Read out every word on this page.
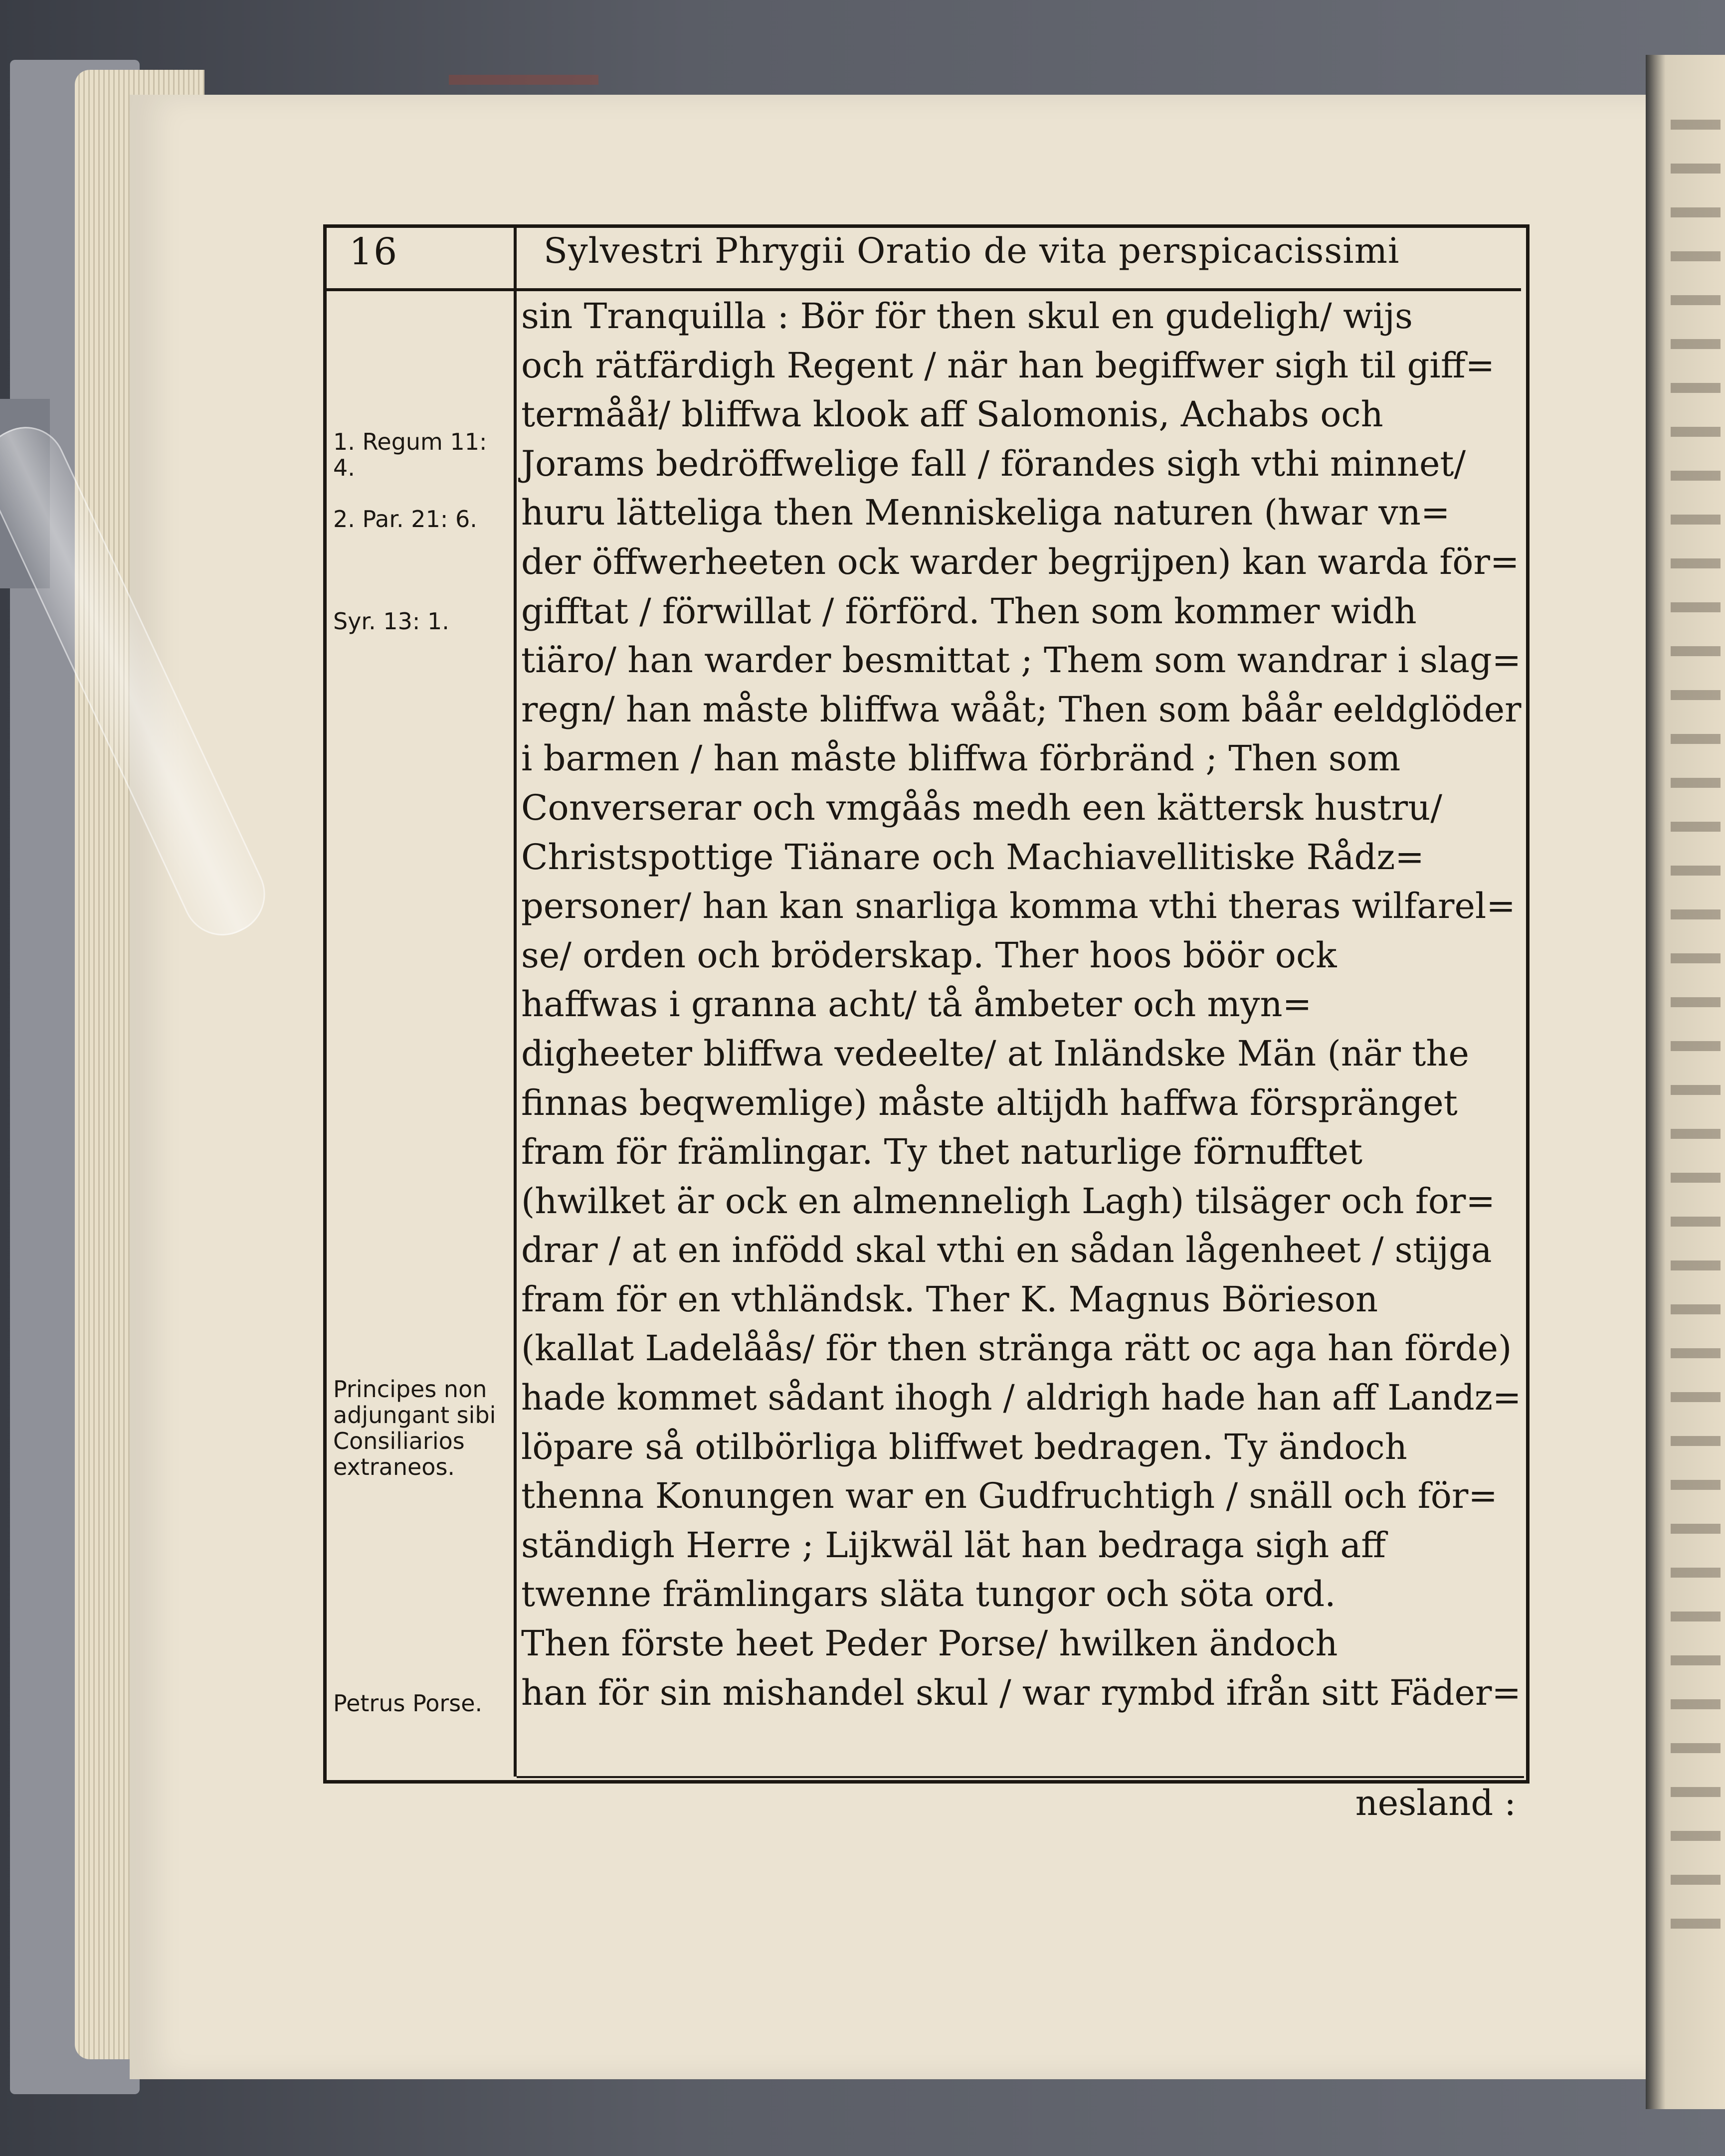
16	Sylvestri Phrygii Oratio de vita perspicacissimi
1. Regum 11: 4.
2. Par. 21: 6.
Syr. 13: 1.
Principes non adjungant sibi Consiliarios extraneos.
Petrus Porse.
sin Tranquilla : Bör för then skul en gudeligh/ wijs
och rätfärdigh Regent / när han begiffwer sigh til giff=
termååł/ bliffwa klook aff Salomonis, Achabs och
Jorams bedröffwelige fall / förandes sigh vthi minnet/
huru lätteliga then Menniskeliga naturen (hwar vn=
der öffwerheeten ock warder begrijpen) kan warda för=
gifftat / förwillat / förförd. Then som kommer widh
tiäro/ han warder besmittat ; Them som wandrar i slag=
regn/ han måste bliffwa wååt; Then som båår eeldglöder
i barmen / han måste bliffwa förbränd ; Then som
Converserar och vmgåås medh een kättersk hustru/
Christspottige Tiänare och Machiavellitiske Rådz=
personer/ han kan snarliga komma vthi theras wilfarel=
se/ orden och bröderskap. Ther hoos böör ock
haffwas i granna acht/ tå åmbeter och myn=
digheeter bliffwa vedeelte/ at Inländske Män (när the
finnas beqwemlige) måste altijdh haffwa förspränget
fram för främlingar. Ty thet naturlige förnufftet
(hwilket är ock en almenneligh Lagh) tilsäger och for=
drar / at en infödd skal vthi en sådan lågenheet / stijga
fram för en vthländsk. Ther K. Magnus Börieson
(kallat Ladelåås/ för then stränga rätt oc aga han förde)
hade kommet sådant ihogh / aldrigh hade han aff Landz=
löpare så otilbörliga bliffwet bedragen. Ty ändoch
thenna Konungen war en Gudfruchtigh / snäll och för=
ständigh Herre ; Lijkwäl lät han bedraga sigh aff
twenne främlingars släta tungor och söta ord.
Then förste heet Peder Porse/ hwilken ändoch
han för sin mishandel skul / war rymbd ifrån sitt Fäder=
nesland :
